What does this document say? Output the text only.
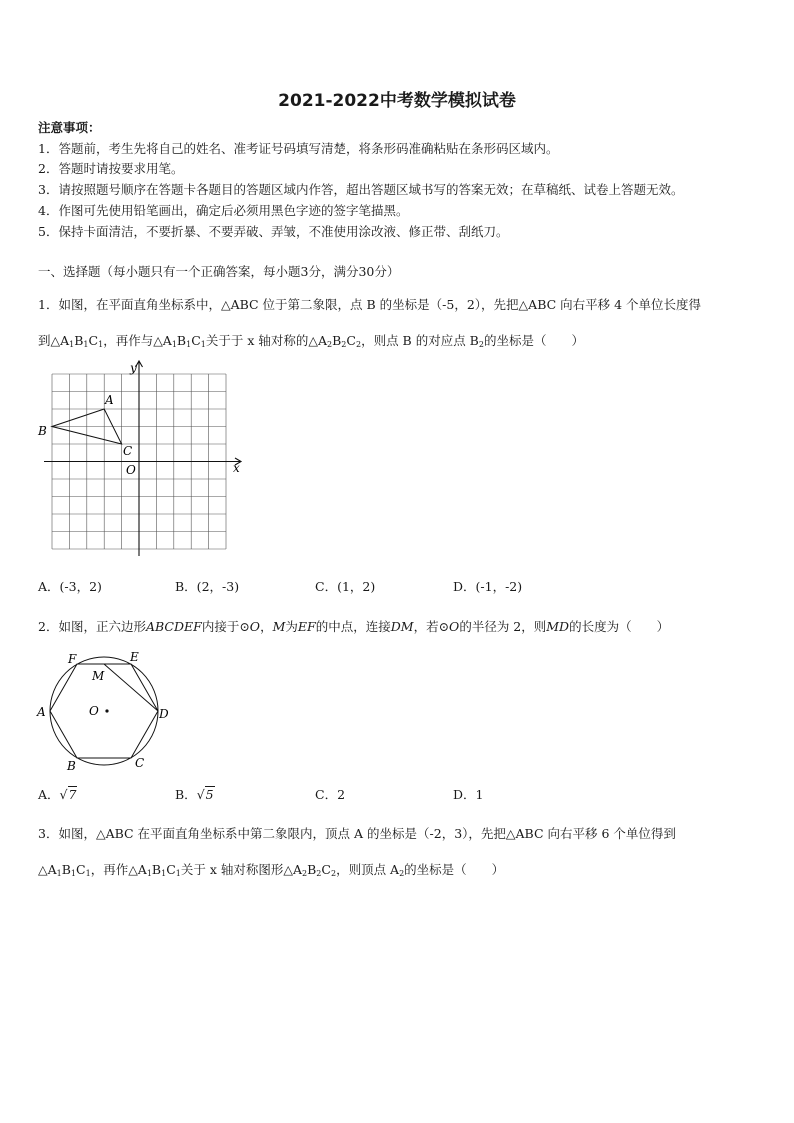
2021-2022中考数学模拟试卷
注意事项：
1．答题前，考生先将自己的姓名、准考证号码填写清楚，将条形码准确粘贴在条形码区域内。
2．答题时请按要求用笔。
3．请按照题号顺序在答题卡各题目的答题区域内作答，超出答题区域书写的答案无效；在草稿纸、试卷上答题无效。
4．作图可先使用铅笔画出，确定后必须用黑色字迹的签字笔描黑。
5．保持卡面清洁，不要折暴、不要弄破、弄皱，不准使用涂改液、修正带、刮纸刀。
一、选择题（每小题只有一个正确答案，每小题3分，满分30分）
1．如图，在平面直角坐标系中，△ABC 位于第二象限，点 B 的坐标是（-5，2），先把△ABC 向右平移 4 个单位长度得
到$\triangle A_1B_1C_1$，再作与$\triangle A_1B_1C_1$关于于 x 轴对称的$\triangle A_2B_2C_2$，则点 B 的对应点 $B_2$的坐标是（　　）
y
x
A
B
C
O
A．(-3，2)	B．(2，-3)	C．(1，2)	D．(-1，-2)
2．如图，正六边形ABCDEF内接于⊙O，M为EF的中点，连接DM，若⊙O的半径为 2，则MD的长度为（　　）
F	E
M
A	O	D
B	C
A．√7	B．√5	C．2	D．1
3．如图，△ABC 在平面直角坐标系中第二象限内，顶点 A 的坐标是（-2，3），先把△ABC 向右平移 6 个单位得到
$\triangle A_1B_1C_1$，再作$\triangle A_1B_1C_1$关于 x 轴对称图形$\triangle A_2B_2C_2$，则顶点 $A_2$的坐标是（　　）
